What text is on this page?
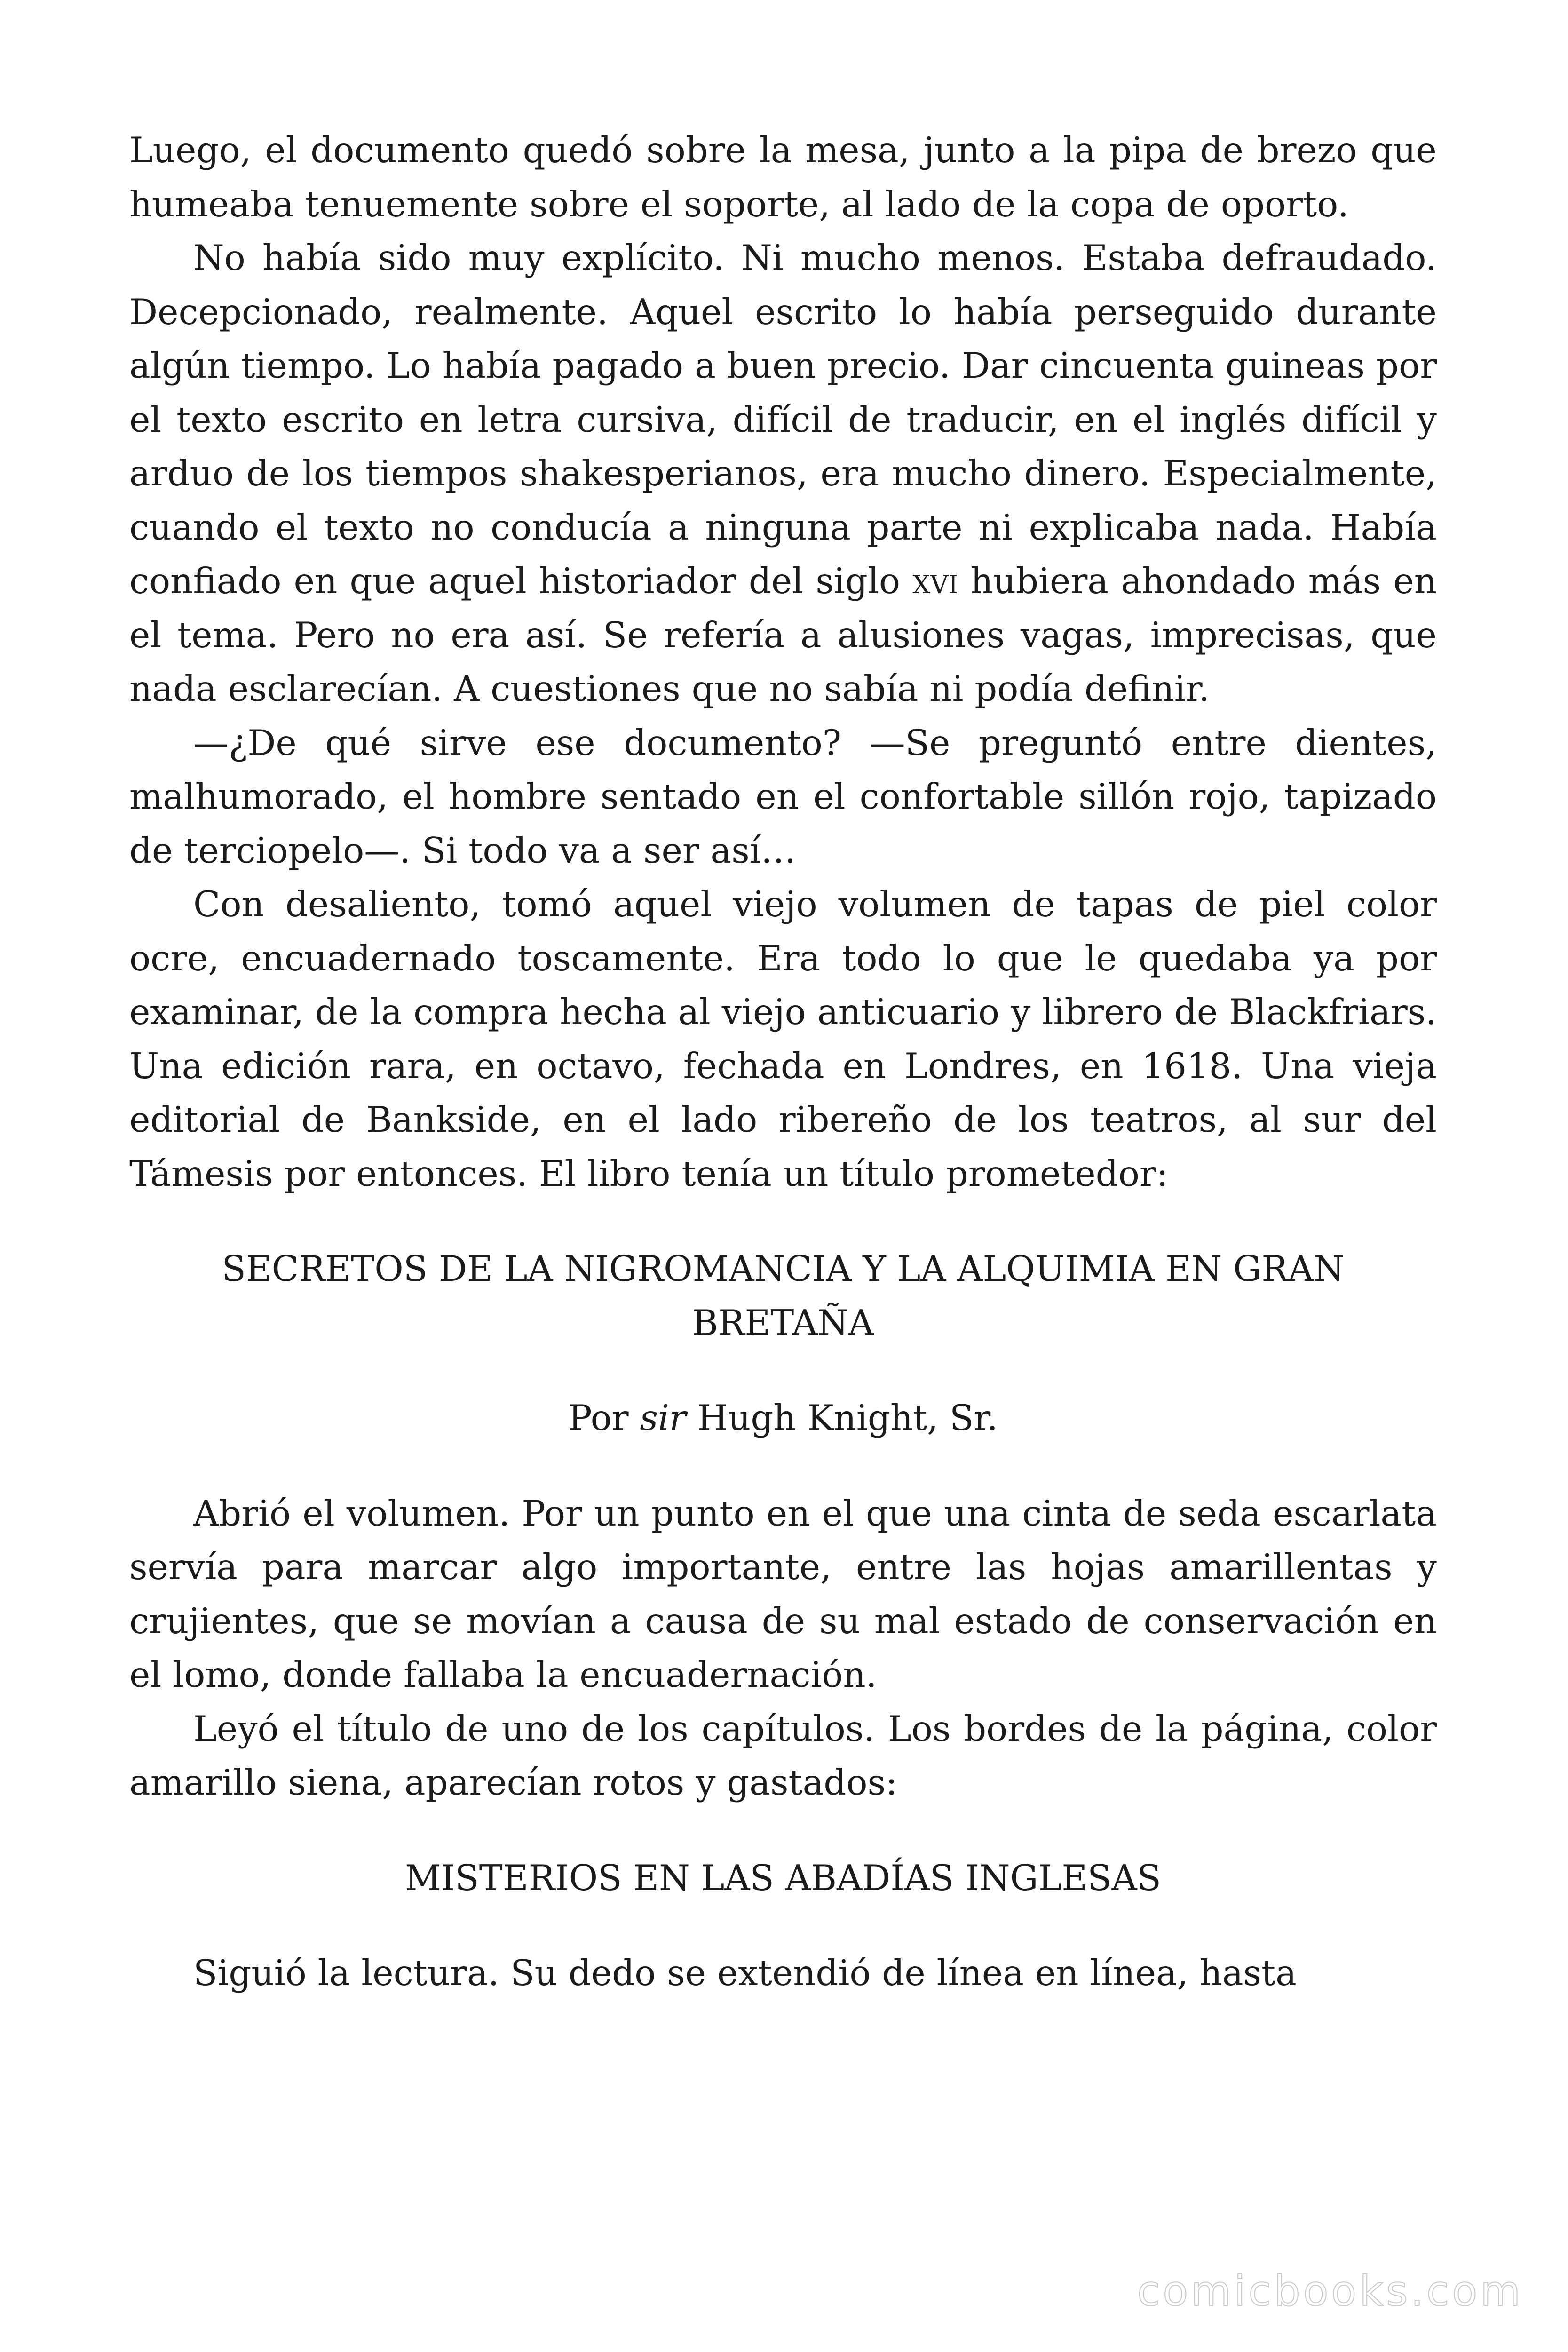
Luego, el documento quedó sobre la mesa, junto a la pipa de brezo que humeaba tenuemente sobre el soporte, al lado de la copa de oporto.

No había sido muy explícito. Ni mucho menos. Estaba defraudado. Decepcionado, realmente. Aquel escrito lo había perseguido durante algún tiempo. Lo había pagado a buen precio. Dar cincuenta guineas por el texto escrito en letra cursiva, difícil de traducir, en el inglés difícil y arduo de los tiempos shakesperianos, era mucho dinero. Especialmente, cuando el texto no conducía a ninguna parte ni explicaba nada. Había confiado en que aquel historiador del siglo xvi hubiera ahondado más en el tema. Pero no era así. Se refería a alusiones vagas, imprecisas, que nada esclarecían. A cuestiones que no sabía ni podía definir.

—¿De qué sirve ese documento? —Se preguntó entre dientes, malhumorado, el hombre sentado en el confortable sillón rojo, tapizado de terciopelo—. Si todo va a ser así…

Con desaliento, tomó aquel viejo volumen de tapas de piel color ocre, encuadernado toscamente. Era todo lo que le quedaba ya por examinar, de la compra hecha al viejo anticuario y librero de Blackfriars. Una edición rara, en octavo, fechada en Londres, en 1618. Una vieja editorial de Bankside, en el lado ribereño de los teatros, al sur del Támesis por entonces. El libro tenía un título prometedor:

SECRETOS DE LA NIGROMANCIA Y LA ALQUIMIA EN GRAN BRETAÑA

Por sir Hugh Knight, Sr.

Abrió el volumen. Por un punto en el que una cinta de seda escarlata servía para marcar algo importante, entre las hojas amarillentas y crujientes, que se movían a causa de su mal estado de conservación en el lomo, donde fallaba la encuadernación.

Leyó el título de uno de los capítulos. Los bordes de la página, color amarillo siena, aparecían rotos y gastados:

MISTERIOS EN LAS ABADÍAS INGLESAS

Siguió la lectura. Su dedo se extendió de línea en línea, hasta

comicbooks.com
